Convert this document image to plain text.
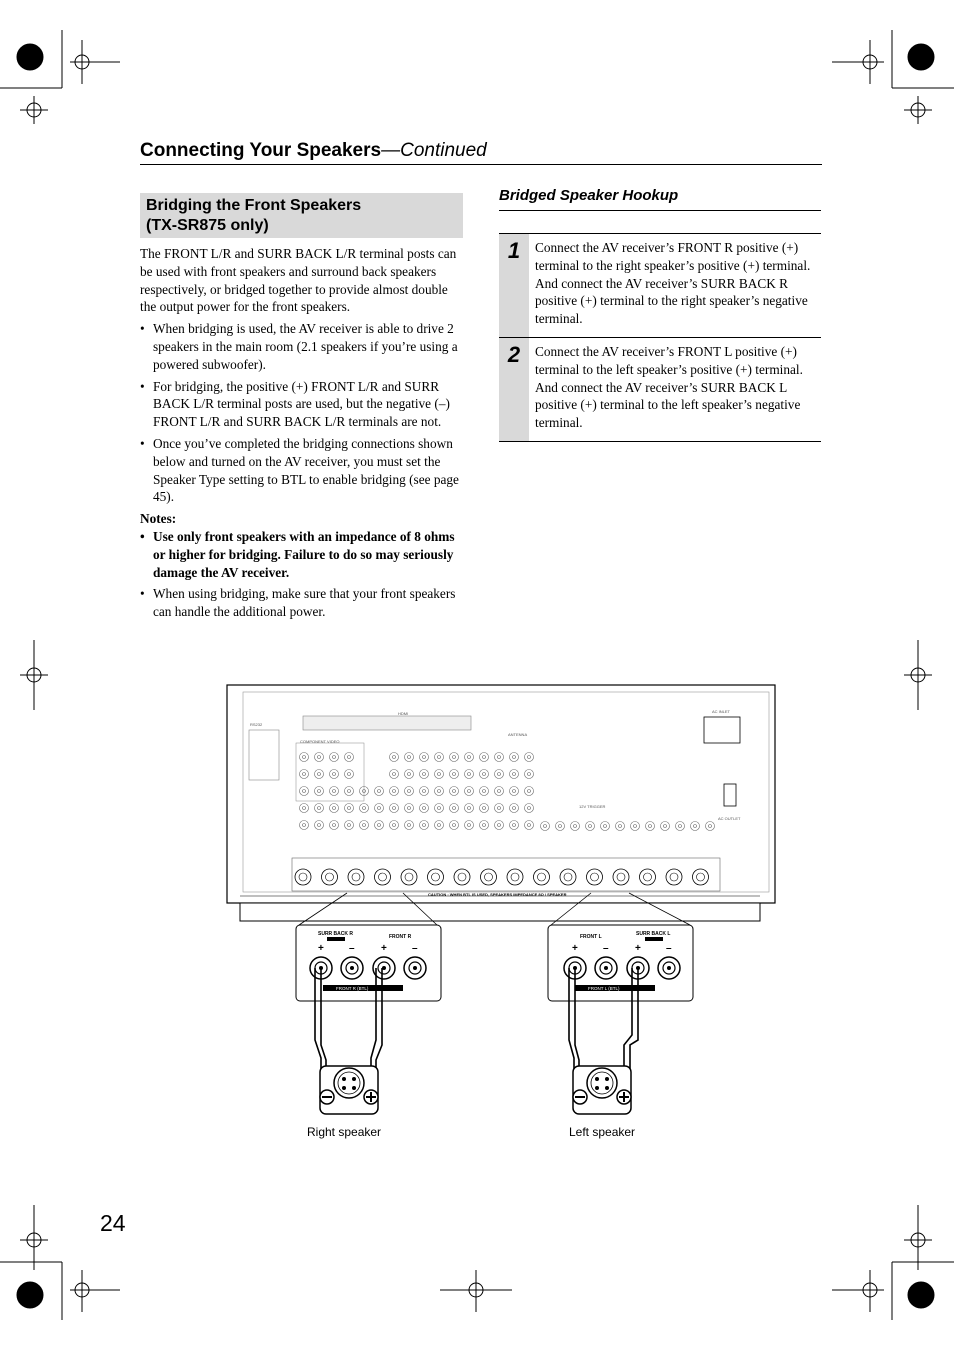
Connecting Your Speakers—Continued
Bridging the Front Speakers
(TX-SR875 only)

The FRONT L/R and SURR BACK L/R terminal posts can be used with front speakers and surround back speakers respectively, or bridged together to provide almost double the output power for the front speakers.

• When bridging is used, the AV receiver is able to drive 2 speakers in the main room (2.1 speakers if you’re using a powered subwoofer).
• For bridging, the positive (+) FRONT L/R and SURR BACK L/R terminal posts are used, but the negative (–) FRONT L/R and SURR BACK L/R terminals are not.
• Once you’ve completed the bridging connections shown below and turned on the AV receiver, you must set the Speaker Type setting to BTL to enable bridging (see page 45).

Notes:

• Use only front speakers with an impedance of 8 ohms or higher for bridging. Failure to do so may seriously damage the AV receiver.
• When using bridging, make sure that your front speakers can handle the additional power.
Bridged Speaker Hookup
1	Connect the AV receiver’s FRONT R positive (+) terminal to the right speaker’s positive (+) terminal. And connect the AV receiver’s SURR BACK R positive (+) terminal to the right speaker’s negative terminal.
2	Connect the AV receiver’s FRONT L positive (+) terminal to the left speaker’s positive (+) terminal. And connect the AV receiver’s SURR BACK L positive (+) terminal to the left speaker’s negative terminal.
HDMI
RS232
COMPONENT VIDEO
AC INLET
ANTENNA
12V TRIGGER
AC OUTLET
CAUTION : WHEN BTL IS USED, SPEAKERS IMPEDANCE 8Ω / SPEAKER
SURR BACK R	FRONT R
+	–	+	–
FRONT R (BTL)
FRONT L	SURR BACK L
+	–	+	–
FRONT L (BTL)
Right speaker	Left speaker
24
